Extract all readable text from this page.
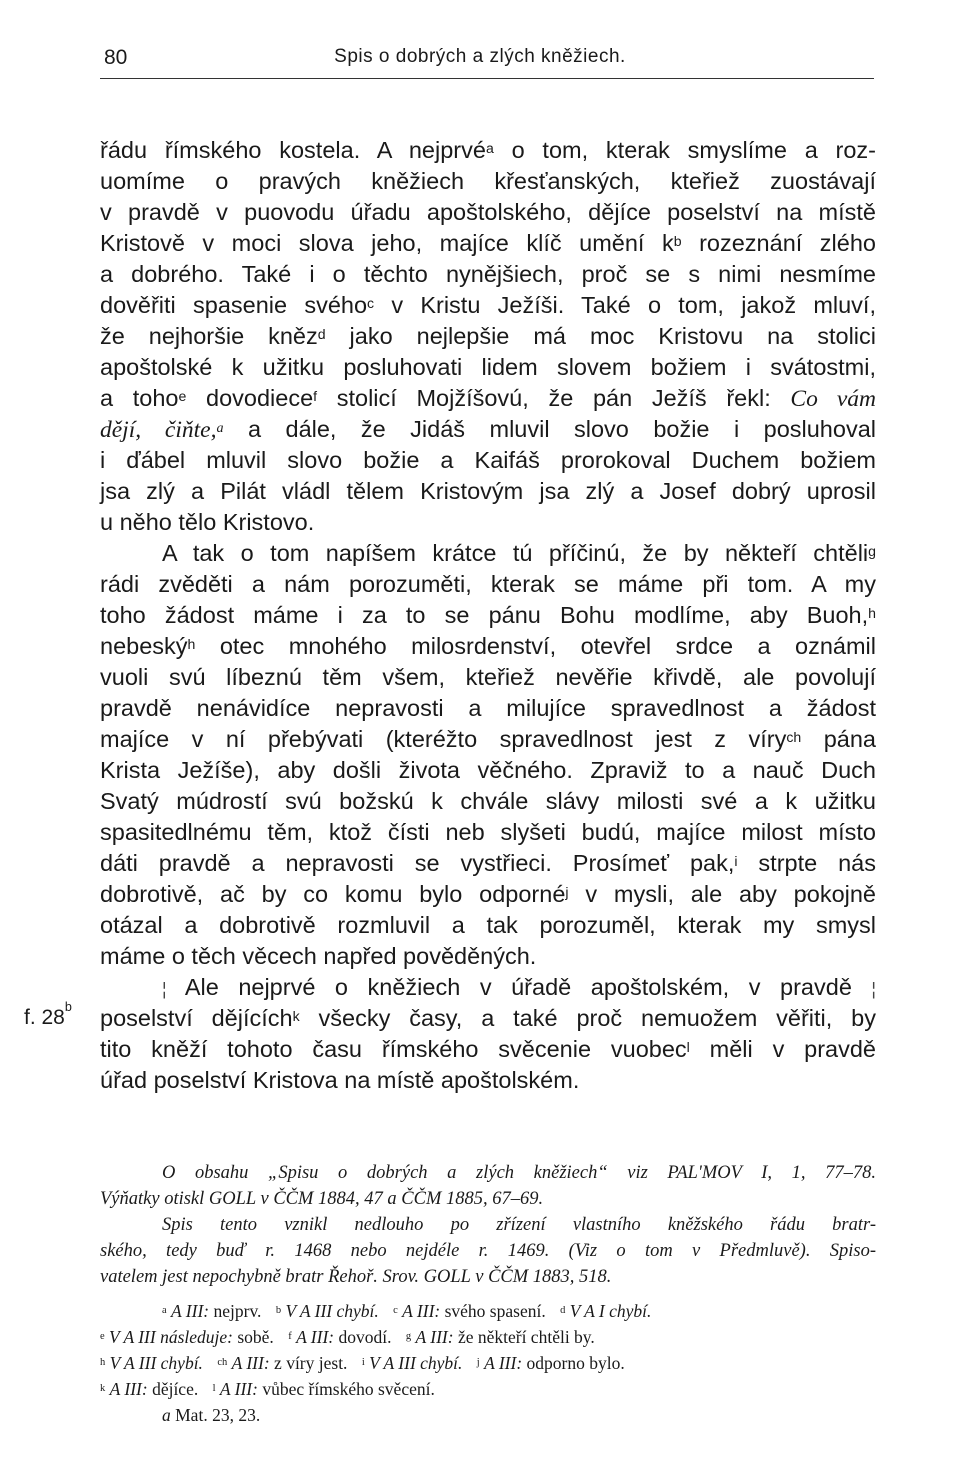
80	Spis o dobrých a zlých kněžiech.
f. 28$^b$
řádu římského kostela. A nejprvé$^a$ o tom, kterak smyslíme a roz-
uomíme o pravých kněžiech křesťanských, kteřiež zuostávají
v pravdě v puovodu úřadu apoštolského, dějíce poselství na místě
Kristově v moci slova jeho, majíce klíč umění $k^b$ rozeznání zlého
a dobrého. Také i o těchto nynějšiech, proč se s nimi nesmíme
dověřiti spasenie svého$^c$ v Kristu Ježíši. Také o tom, jakož mluví,
že nejhoršie kněz$^d$ jako nejlepšie má moc Kristovu na stolici
apoštolské k užitku posluhovati lidem slovem božiem i svátostmi,
a toho$^e$ dovodiece$^f$ stolicí Mojžíšovú, že pán Ježíš řekl: Co vám
dějí, čiňte,$^a$ a dále, že Jidáš mluvil slovo božie i posluhoval
i ďábel mluvil slovo božie a Kaifáš prorokoval Duchem božiem
jsa zlý a Pilát vládl tělem Kristovým jsa zlý a Josef dobrý uprosil
u něho tělo Kristovo.
A tak o tom napíšem krátce tú příčinú, že by někteří chtěli$^g$
rádi zvěděti a nám porozuměti, kterak se máme při tom. A my
toho žádost máme i za to se pánu Bohu modlíme, aby Buoh,$^h$
nebeský$^h$ otec mnohého milosrdenství, otevřel srdce a oznámil
vuoli svú líbeznú těm všem, kteřiež nevěřie křivdě, ale povolují
pravdě nenávidíce nepravosti a milujíce spravedlnost a žádost
majíce v ní přebývati (kteréžto spravedlnost jest z víry$^{ch}$ pána
Krista Ježíše), aby došli života věčného. Zpraviž to a nauč Duch
Svatý múdrostí svú božskú k chvále slávy milosti své a k užitku
spasitedlnému těm, ktož čísti neb slyšeti budú, majíce milost místo
dáti pravdě a nepravosti se vystřieci. Prosímeť pak,$^i$ strpte nás
dobrotivě, ač by co komu bylo odporné$^j$ v mysli, ale aby pokojně
otázal a dobrotivě rozmluvil a tak porozuměl, kterak my smysl
máme o těch věcech napřed pověděných.
¦ Ale nejprvé o kněžiech v úřadě apoštolském, v pravdě ¦
poselství dějících$^k$ všecky časy, a také proč nemuožem věřiti, by
tito kněží tohoto času římského svěcenie vuobec$^l$ měli v pravdě
úřad poselství Kristova na místě apoštolském.
O obsahu „Spisu o dobrých a zlých kněžiech“ viz PAL'MOV I, 1, 77–78.
Výňatky otiskl GOLL v ČČM 1884, 47 a ČČM 1885, 67–69.
Spis tento vznikl nedlouho po zřízení vlastního kněžského řádu bratr-
ského, tedy buď r. 1468 nebo nejdéle r. 1469. (Viz o tom v Předmluvě). Spiso-
vatelem jest nepochybně bratr Řehoř. Srov. GOLL v ČČM 1883, 518.
$^a$ A III: nejprv. $^b$ V A III chybí. $^c$ A III: svého spasení. $^d$ V A I chybí.
$^e$ V A III následuje: sobě. $^f$ A III: dovodí. $^g$ A III: že někteří chtěli by.
$^h$ V A III chybí. $^{ch}$ A III: z víry jest. $^i$ V A III chybí. $^j$ A III: odporno bylo.
$^k$ A III: dějíce. $^l$ A III: vůbec římského svěcení.
a Mat. 23, 23.
